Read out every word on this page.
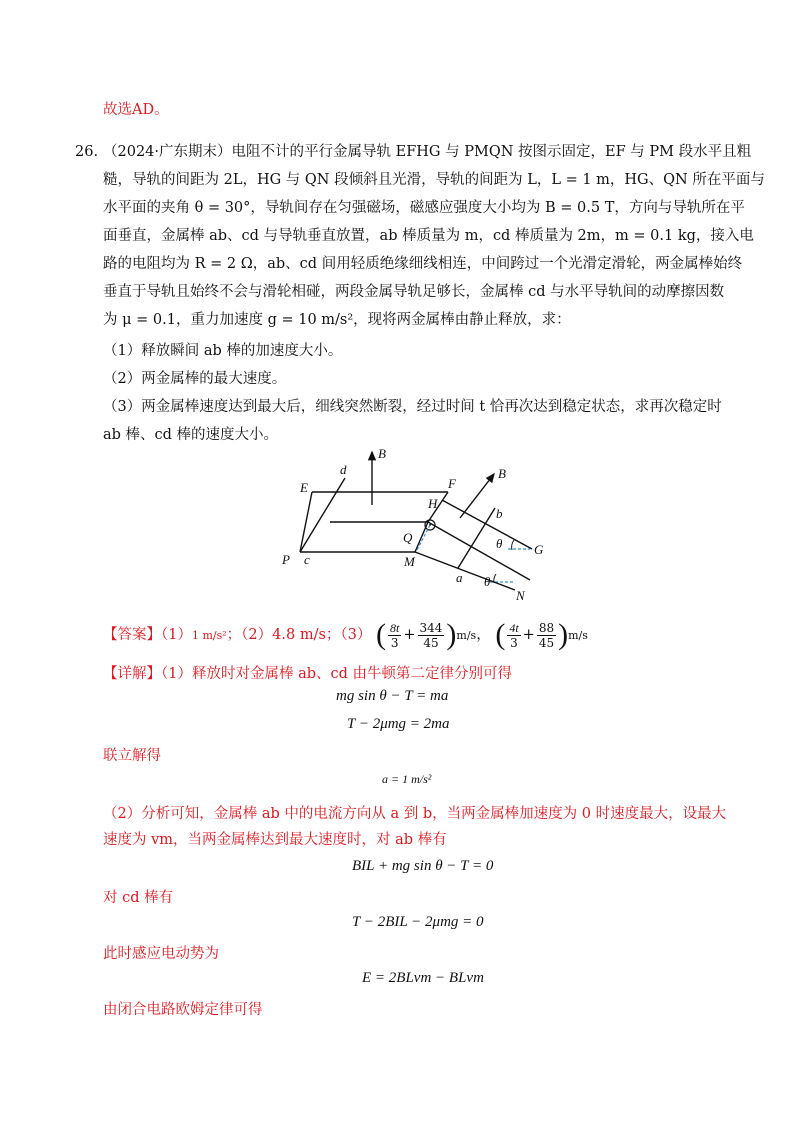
故选AD。
26. （2024·广东期末）电阻不计的平行金属导轨 EFHG 与 PMQN 按图示固定，EF 与 PM 段水平且粗
糙，导轨的间距为 2L，HG 与 QN 段倾斜且光滑，导轨的间距为 L，L = 1 m，HG、QN 所在平面与
水平面的夹角 θ = 30°，导轨间存在匀强磁场，磁感应强度大小均为 B = 0.5 T，方向与导轨所在平
面垂直，金属棒 ab、cd 与导轨垂直放置，ab 棒质量为 m，cd 棒质量为 2m，m = 0.1 kg，接入电
路的电阻均为 R = 2 Ω，ab、cd 间用轻质绝缘细线相连，中间跨过一个光滑定滑轮，两金属棒始终
垂直于导轨且始终不会与滑轮相碰，两段金属导轨足够长，金属棒 cd 与水平导轨间的动摩擦因数
为 μ = 0.1，重力加速度 g = 10 m/s²，现将两金属棒由静止释放，求：
（1）释放瞬间 ab 棒的加速度大小。
（2）两金属棒的最大速度。
（3）两金属棒速度达到最大后，细线突然断裂，经过时间 t 恰再次达到稳定状态，求再次稳定时
ab 棒、cd 棒的速度大小。
B
B
d
E	F
H
b
Q	θ G
P c	M
a θ
N
【答案】（1）1 m/s²；（2）4.8 m/s；（3） ( $\frac{8t}{3} + \frac{344}{45} )m/s$， ( $\frac{4t}{3} + \frac{88}{45} )m/s$
【详解】（1）释放时对金属棒 ab、cd 由牛顿第二定律分别可得
mg sin θ − T = ma
T − 2μmg = 2ma
联立解得
a = 1 m/s²
（2）分析可知，金属棒 ab 中的电流方向从 a 到 b，当两金属棒加速度为 0 时速度最大，设最大
速度为 vm，当两金属棒达到最大速度时，对 ab 棒有
BIL + mg sin θ − T = 0
对 cd 棒有
T − 2BIL − 2μmg = 0
此时感应电动势为
E = 2BLvm − BLvm
由闭合电路欧姆定律可得
